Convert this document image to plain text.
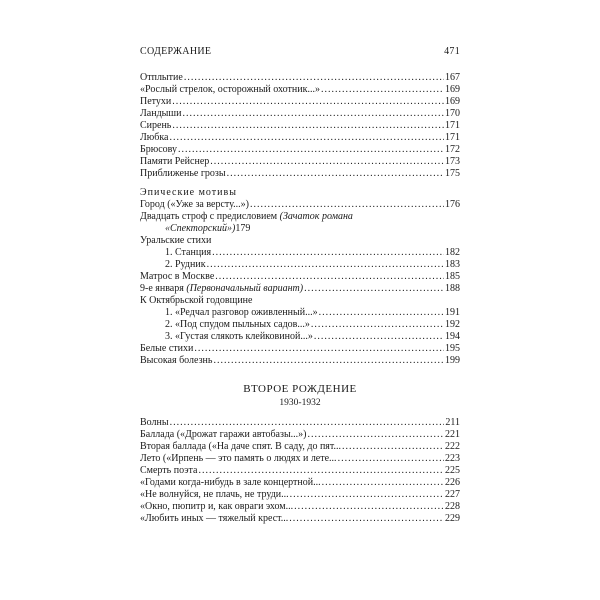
СОДЕРЖАНИЕ	471
Отплытие .....	167
«Рослый стрелок, осторожный охотник...» .....	169
Петухи .....	169
Ландыши .....	170
Сирень .....	171
Любка .....	171
Брюсову .....	172
Памяти Рейснер .....	173
Приближенье грозы .....	175
Эпические мотивы
Город («Уже за версту...») .....	176
Двадцать строф с предисловием (Зачаток романа
«Спекторский») 179
Уральские стихи
1. Станция .....	182
2. Рудник .....	183
Матрос в Москве .....	185
9-е января (Первоначальный вариант) .....	188
К Октябрьской годовщине
1. «Редчал разговор оживленный...» .....	191
2. «Под спудом пыльных садов...» .....	192
3. «Густая слякоть клейковиной...» .....	194
Белые стихи .....	195
Высокая болезнь .....	199
ВТОРОЕ РОЖДЕНИЕ
1930-1932
Волны .....	211
Баллада («Дрожат гаражи автобазы...») .....	221
Вторая баллада («На даче спят. В саду, до пят... .....	222
Лето («Ирпень — это память о людях и лете... .....	223
Смерть поэта .....	225
«Годами когда-нибудь в зале концертной... .....	226
«Не волнуйся, не плачь, не труди... .....	227
«Окно, пюпитр и, как овраги эхом... .....	228
«Любить иных — тяжелый крест... .....	229
